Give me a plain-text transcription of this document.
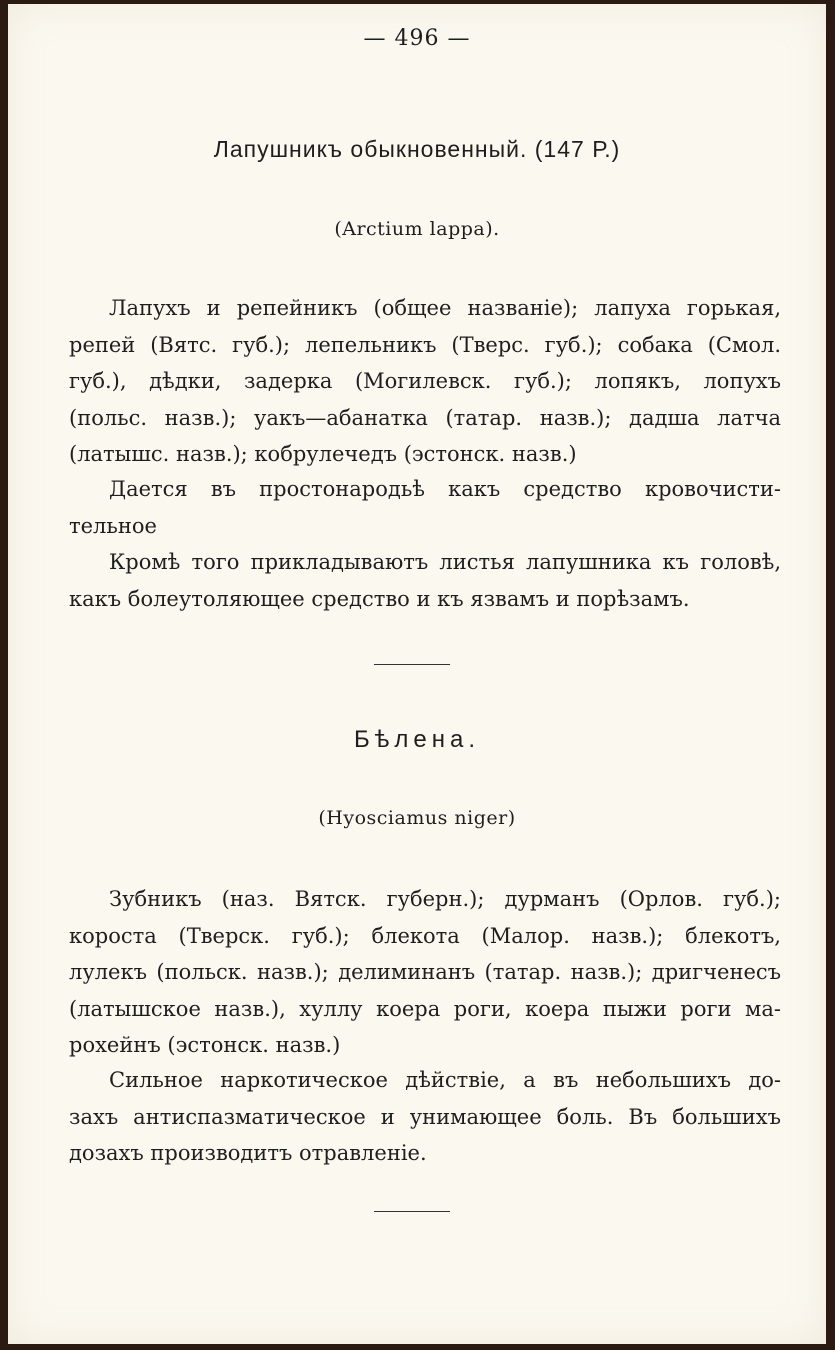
— 496 —
Лапушникъ обыкновенный. (147 Р.)
(Arctium lappa).

Лапухъ и репейникъ (общее названіе); лапуха горькая,
репей (Вятс. губ.); лепельникъ (Тверс. губ.); собака (Смол.
губ.), дѣдки, задерка (Могилевск. губ.); лопякъ, лопухъ
(польс. назв.); уакъ—абанатка (татар. назв.); дадша латча
(латышс. назв.); кобрулечедъ (эстонск. назв.)

Дается въ простонародьѣ какъ средство кровочисти-
тельное

Кромѣ того прикладываютъ листья лапушника къ головѣ,
какъ болеутоляющее средство и къ язвамъ и порѣзамъ.

Бѣлена.
(Hyoscіamus niger)

Зубникъ (наз. Вятск. губерн.); дурманъ (Орлов. губ.);
короста (Тверск. губ.); блекота (Малор. назв.); блекотъ,
лулекъ (польск. назв.); делиминанъ (татар. назв.); дригченесъ
(латышское назв.), хуллу коера роги, коера пыжи роги ма-
рохейнъ (эстонск. назв.)

Сильное наркотическое дѣйствіе, а въ небольшихъ до-
захъ антиспазматическое и унимающее боль. Въ большихъ
дозахъ производитъ отравленіе.
